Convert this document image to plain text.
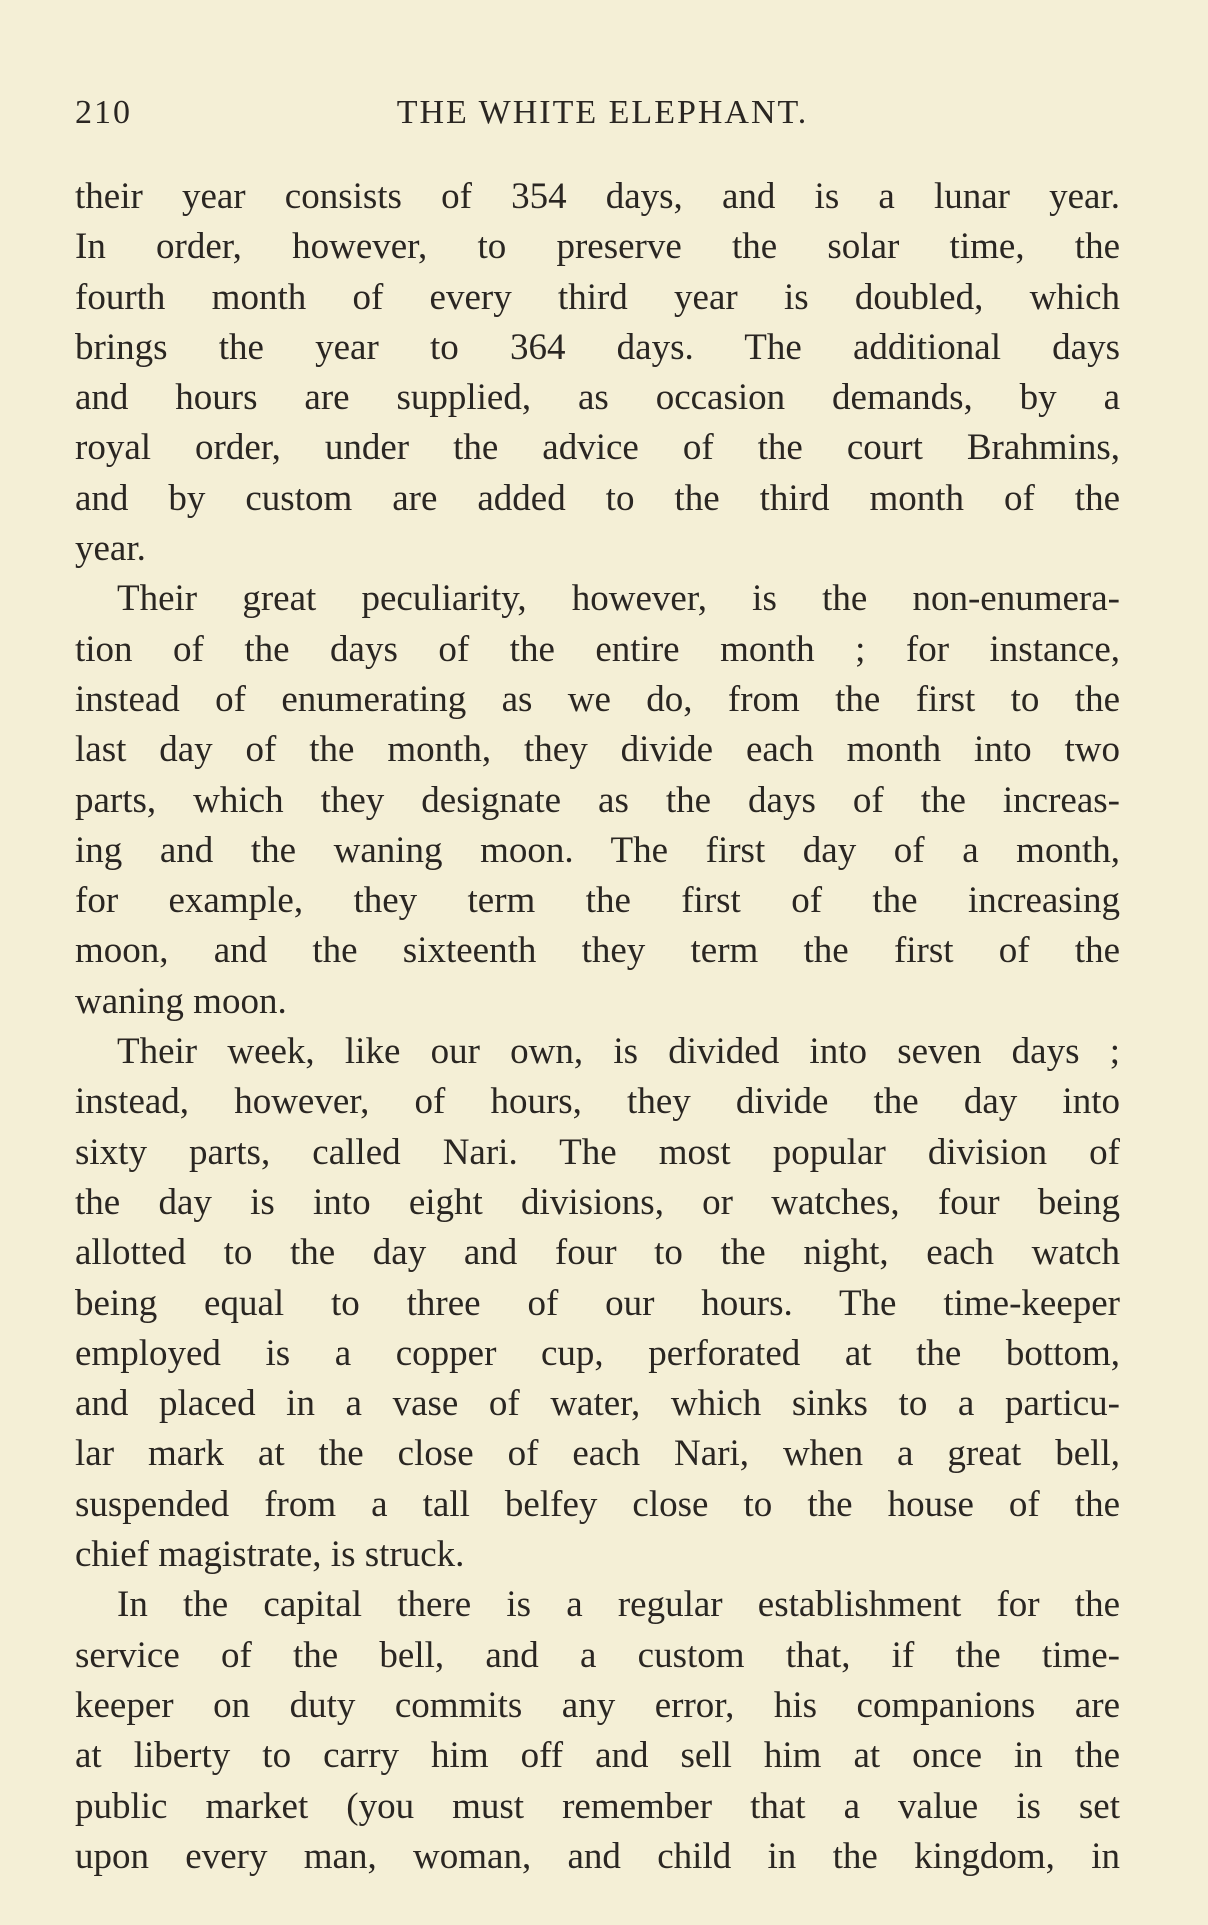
210	THE WHITE ELEPHANT.
their year consists of 354 days, and is a lunar year.
In order, however, to preserve the solar time, the
fourth month of every third year is doubled, which
brings the year to 364 days. The additional days
and hours are supplied, as occasion demands, by a
royal order, under the advice of the court Brahmins,
and by custom are added to the third month of the
year.
Their great peculiarity, however, is the non-enumera-
tion of the days of the entire month ; for instance,
instead of enumerating as we do, from the first to the
last day of the month, they divide each month into two
parts, which they designate as the days of the increas-
ing and the waning moon. The first day of a month,
for example, they term the first of the increasing
moon, and the sixteenth they term the first of the
waning moon.
Their week, like our own, is divided into seven days ;
instead, however, of hours, they divide the day into
sixty parts, called Nari. The most popular division of
the day is into eight divisions, or watches, four being
allotted to the day and four to the night, each watch
being equal to three of our hours. The time-keeper
employed is a copper cup, perforated at the bottom,
and placed in a vase of water, which sinks to a particu-
lar mark at the close of each Nari, when a great bell,
suspended from a tall belfey close to the house of the
chief magistrate, is struck.
In the capital there is a regular establishment for the
service of the bell, and a custom that, if the time-
keeper on duty commits any error, his companions are
at liberty to carry him off and sell him at once in the
public market (you must remember that a value is set
upon every man, woman, and child in the kingdom, in
